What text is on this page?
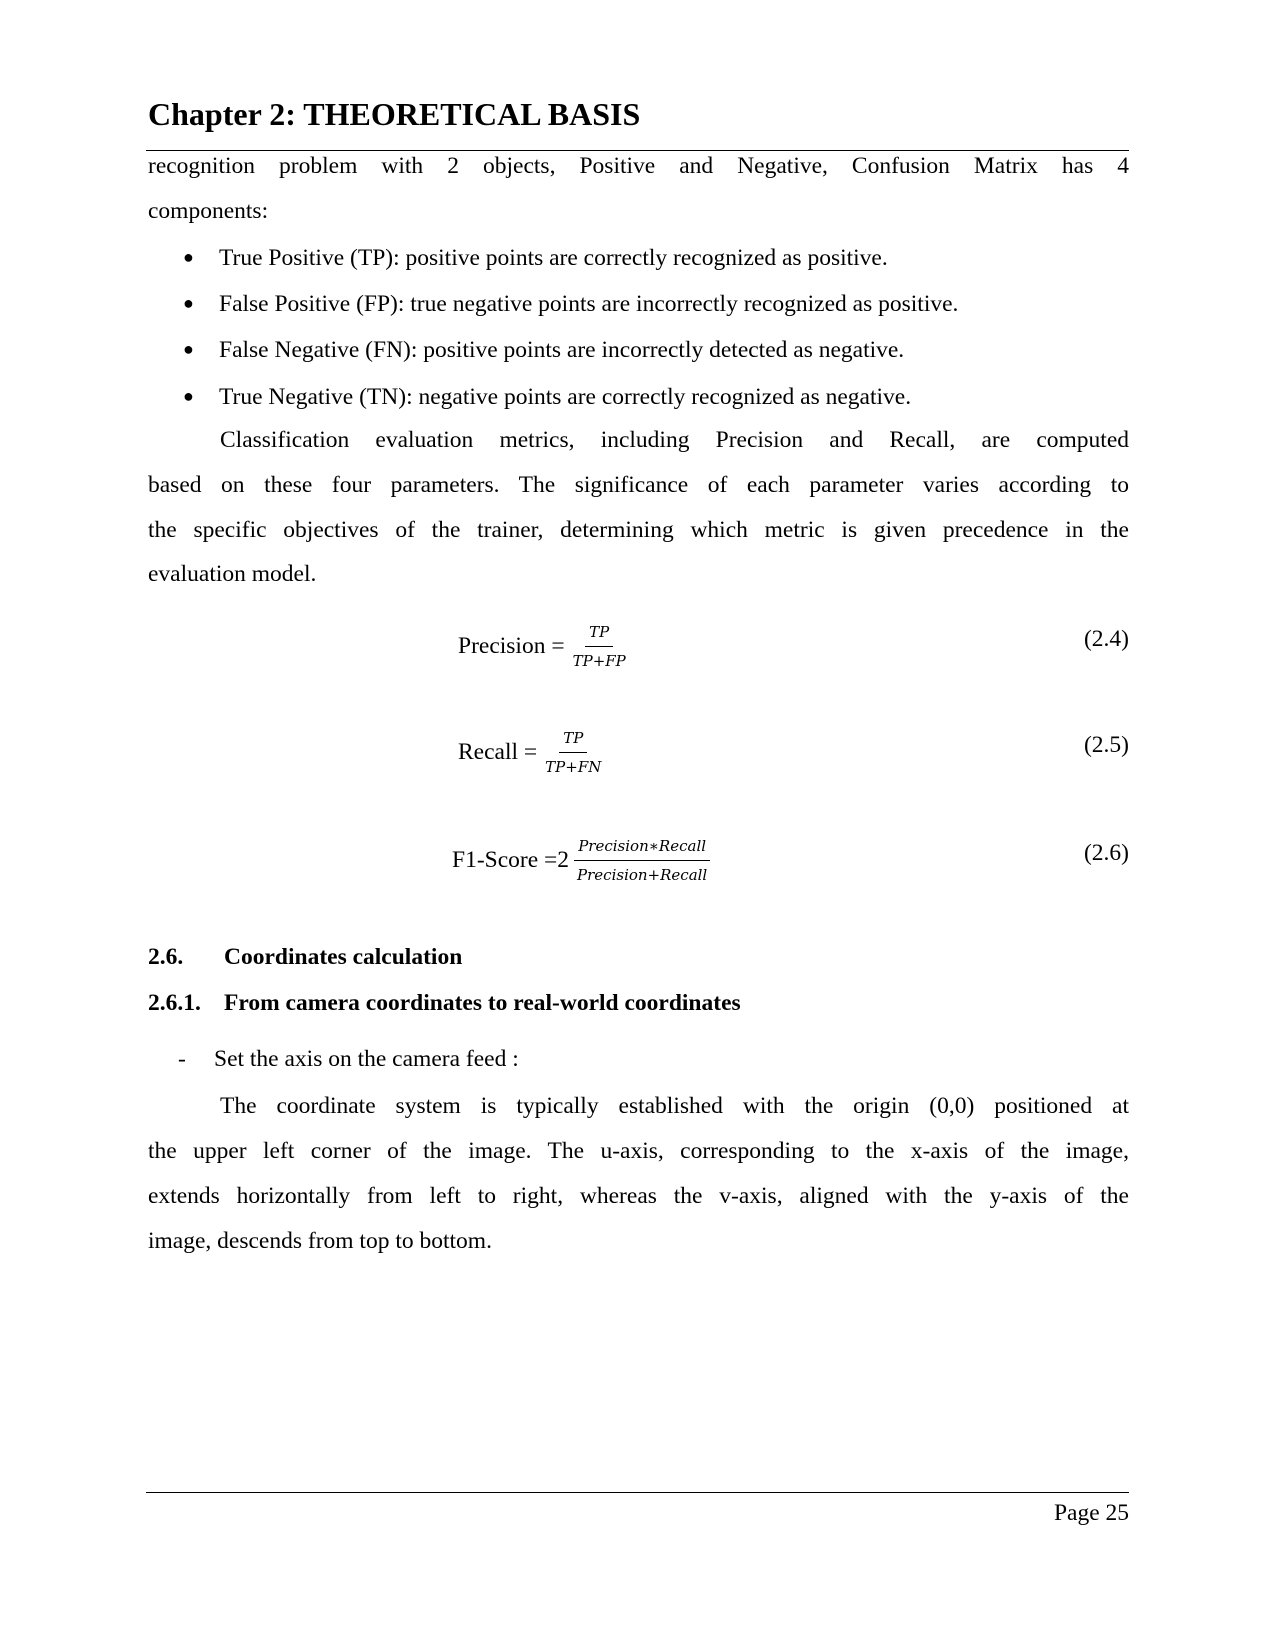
Chapter 2: THEORETICAL BASIS
recognition problem with 2 objects, Positive and Negative, Confusion Matrix has 4
components:
● True Positive (TP): positive points are correctly recognized as positive.
● False Positive (FP): true negative points are incorrectly recognized as positive.
● False Negative (FN): positive points are incorrectly detected as negative.
● True Negative (TN): negative points are correctly recognized as negative.
Classification evaluation metrics, including Precision and Recall, are computed
based on these four parameters. The significance of each parameter varies according to
the specific objectives of the trainer, determining which metric is given precedence in the
evaluation model.
Precision = $\frac{TP}{TP+FP}$	(2.4)
Recall = $\frac{TP}{TP+FN}$	(2.5)
F1-Score = $2 \frac{\text{Precision∗Recall}}{\text{Precision+Recall}}$	(2.6)
2.6. Coordinates calculation
2.6.1. From camera coordinates to real-world coordinates
- Set the axis on the camera feed :
The coordinate system is typically established with the origin (0,0) positioned at
the upper left corner of the image. The u-axis, corresponding to the x-axis of the image,
extends horizontally from left to right, whereas the v-axis, aligned with the y-axis of the
image, descends from top to bottom.
Page 25
